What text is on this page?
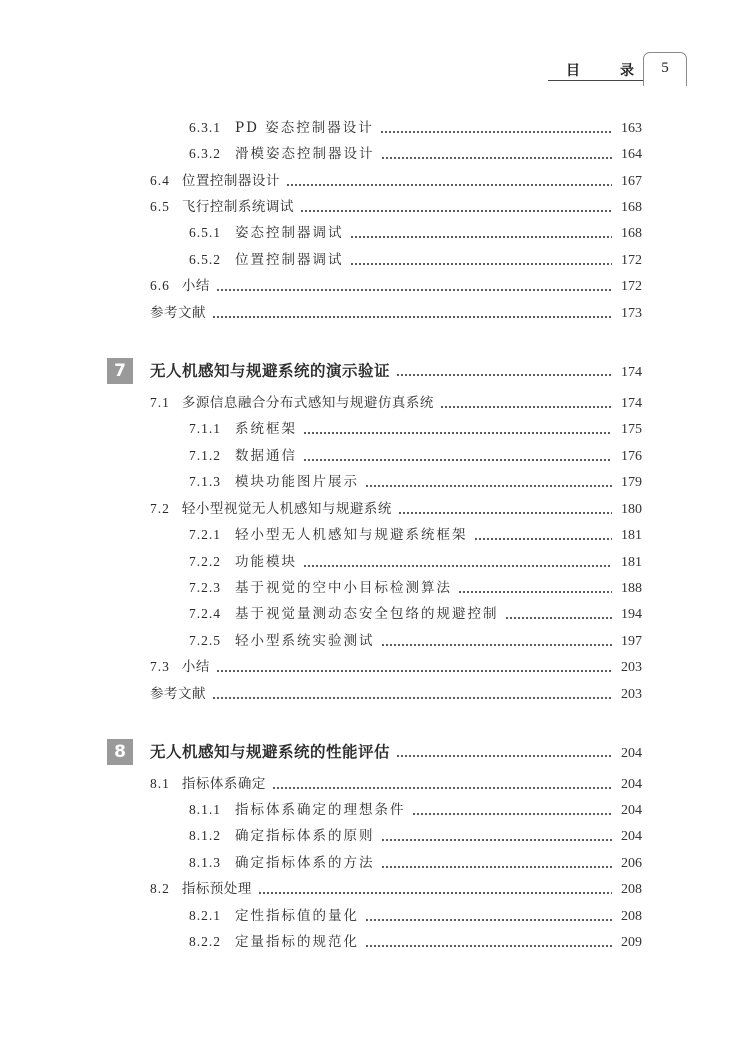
目	录	5
6.3.1 PD 姿态控制器设计	163
6.3.2 滑模姿态控制器设计	164
6.4 位置控制器设计	167
6.5 飞行控制系统调试	168
6.5.1 姿态控制器调试	168
6.5.2 位置控制器调试	172
6.6 小结	172
参考文献	173
7	无人机感知与规避系统的演示验证	174
7.1 多源信息融合分布式感知与规避仿真系统	174
7.1.1 系统框架	175
7.1.2 数据通信	176
7.1.3 模块功能图片展示	179
7.2 轻小型视觉无人机感知与规避系统	180
7.2.1 轻小型无人机感知与规避系统框架	181
7.2.2 功能模块	181
7.2.3 基于视觉的空中小目标检测算法	188
7.2.4 基于视觉量测动态安全包络的规避控制	194
7.2.5 轻小型系统实验测试	197
7.3 小结	203
参考文献	203
8	无人机感知与规避系统的性能评估	204
8.1 指标体系确定	204
8.1.1 指标体系确定的理想条件	204
8.1.2 确定指标体系的原则	204
8.1.3 确定指标体系的方法	206
8.2 指标预处理	208
8.2.1 定性指标值的量化	208
8.2.2 定量指标的规范化	209
